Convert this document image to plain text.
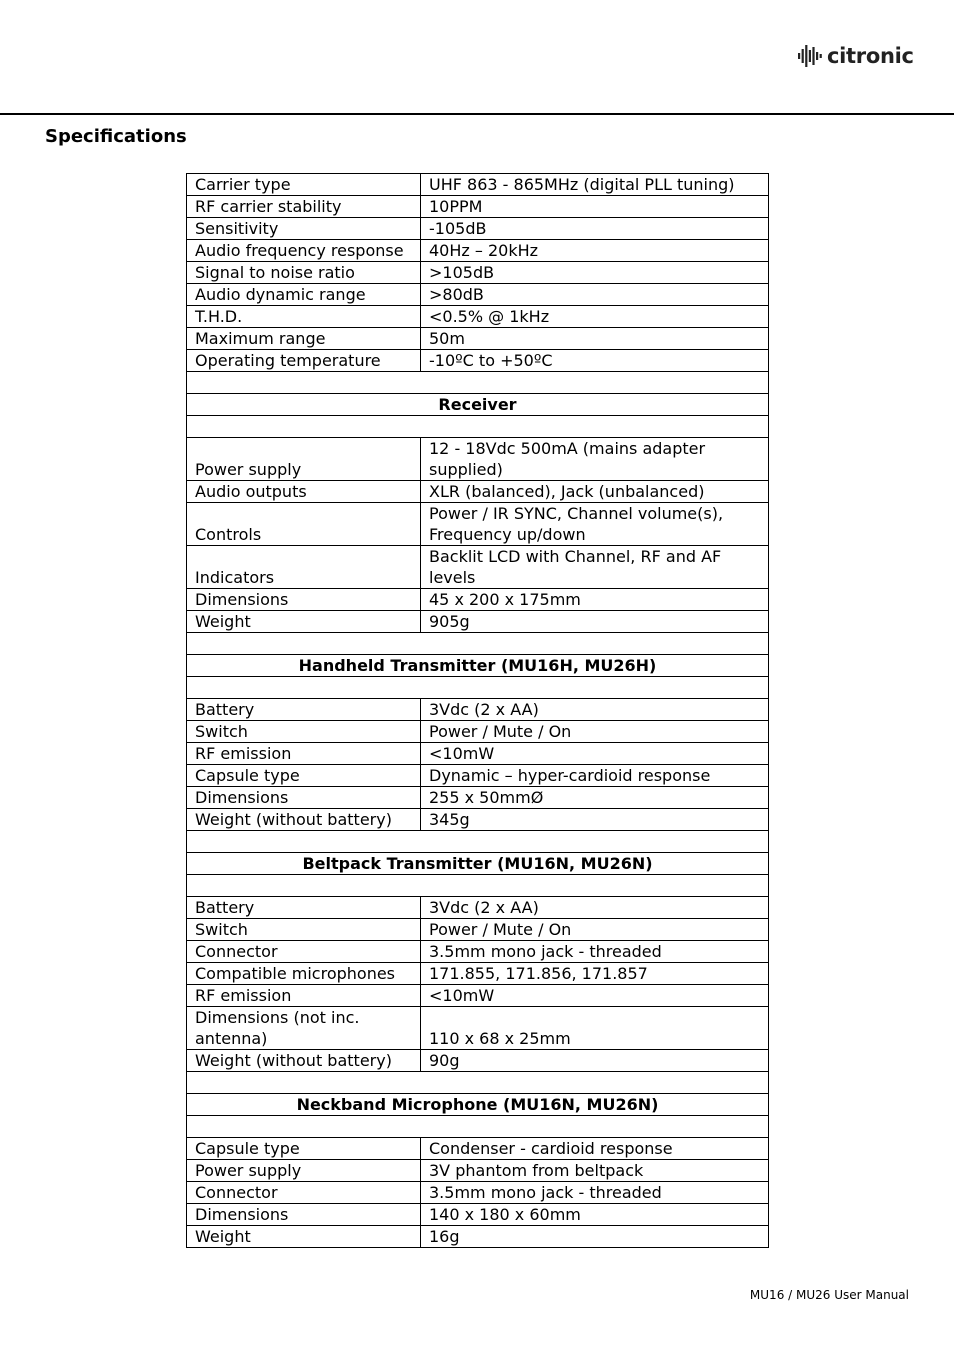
citronic
Specifications
Carrier type	UHF 863 - 865MHz (digital PLL tuning)
RF carrier stability	10PPM
Sensitivity	-105dB
Audio frequency response	40Hz – 20kHz
Signal to noise ratio	>105dB
Audio dynamic range	>80dB
T.H.D.	<0.5% @ 1kHz
Maximum range	50m
Operating temperature	-10ºC to +50ºC

Receiver	

Power supply	12 - 18Vdc 500mA (mains adapter supplied)
Audio outputs	XLR (balanced), Jack (unbalanced)
Controls	Power / IR SYNC, Channel volume(s), Frequency up/down
Indicators	Backlit LCD with Channel, RF and AF levels
Dimensions	45 x 200 x 175mm
Weight	905g

Handheld Transmitter (MU16H, MU26H)	

Battery	3Vdc (2 x AA)
Switch	Power / Mute / On
RF emission	<10mW
Capsule type	Dynamic – hyper-cardioid response
Dimensions	255 x 50mmØ
Weight (without battery)	345g

Beltpack Transmitter (MU16N, MU26N)	

Battery	3Vdc (2 x AA)
Switch	Power / Mute / On
Connector	3.5mm mono jack - threaded
Compatible microphones	171.855, 171.856, 171.857
RF emission	<10mW
Dimensions (not inc. antenna)	110 x 68 x 25mm
Weight (without battery)	90g

Neckband Microphone (MU16N, MU26N)	

Capsule type	Condenser - cardioid response
Power supply	3V phantom from beltpack
Connector	3.5mm mono jack - threaded
Dimensions	140 x 180 x 60mm
Weight	16g
MU16 / MU26 User Manual
